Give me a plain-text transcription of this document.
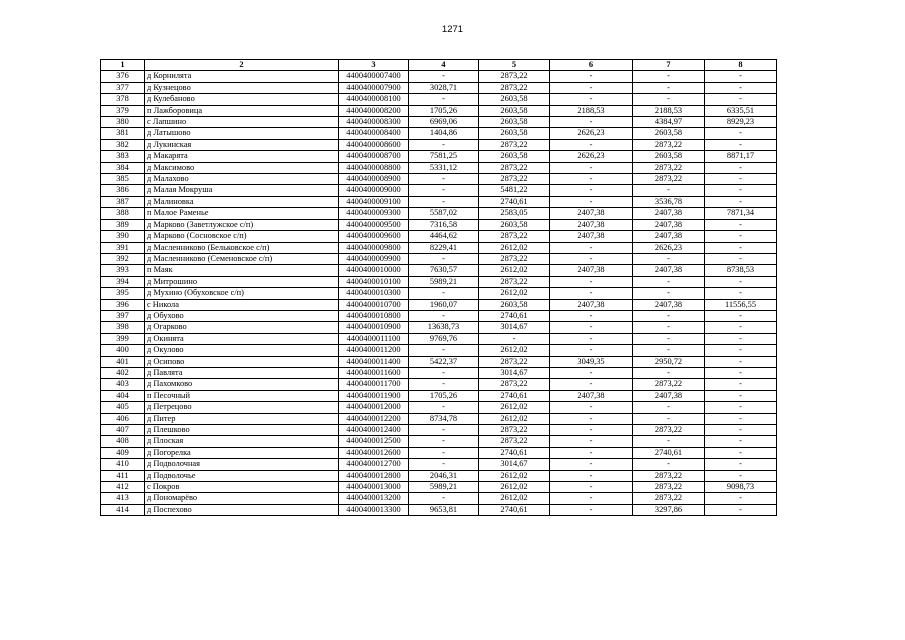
1271
1	2	3	4	5	6	7	8
376	д Корнилята	4400400007400	-	2873,22	-	-	-
377	д Кузнецово	4400400007900	3028,71	2873,22	-	-	-
378	д Кулебаново	4400400008100	-	2603,58	-	-	-
379	п Лажборовица	4400400008200	1705,26	2603,58	2188,53	2188,53	6335,51
380	с Лапшино	4400400008300	6969,06	2603,58	-	4384,97	8929,23
381	д Латышово	4400400008400	1404,86	2603,58	2626,23	2603,58	-
382	д Лукинская	4400400008600	-	2873,22	-	2873,22	-
383	д Макарята	4400400008700	7581,25	2603,58	2626,23	2603,58	8871,17
384	д Максимово	4400400008800	5331,12	2873,22	-	2873,22	-
385	д Малахово	4400400008900	-	2873,22	-	2873,22	-
386	д Малая Мокруша	4400400009000	-	5481,22	-	-	-
387	д Малиновка	4400400009100	-	2740,61	-	3536,78	-
388	п Малое Раменье	4400400009300	5587,02	2583,05	2407,38	2407,38	7871,34
389	д Марково (Заветлужское с/п)	4400400009500	7316,58	2603,58	2407,38	2407,38	-
390	д Марково (Сосновское с/п)	4400400009600	4464,62	2873,22	2407,38	2407,38	-
391	д Масленниково (Бельковское с/п)	4400400009800	8229,41	2612,02	-	2626,23	-
392	д Масленниково (Семеновское с/п)	4400400009900	-	2873,22	-	-	-
393	п Маяк	4400400010000	7630,57	2612,02	2407,38	2407,38	8738,53
394	д Митрошино	4400400010100	5989,21	2873,22	-	-	-
395	д Мухино (Обуховское с/п)	4400400010300	-	2612,02	-	-	-
396	с Никола	4400400010700	1960,07	2603,58	2407,38	2407,38	11556,55
397	д Обухово	4400400010800	-	2740,61	-	-	-
398	д Огарково	4400400010900	13638,73	3014,67	-	-	-
399	д Окинята	4400400011100	9769,76	-	-	-	-
400	д Окулово	4400400011200	-	2612,02	-	-	-
401	д Осипово	4400400011400	5422,37	2873,22	3049,35	2950,72	-
402	д Павлята	4400400011600	-	3014,67	-	-	-
403	д Пахомково	4400400011700	-	2873,22	-	2873,22	-
404	п Песочный	4400400011900	1705,26	2740,61	2407,38	2407,38	-
405	д Петрецово	4400400012000	-	2612,02	-	-	-
406	д Питер	4400400012200	8734,78	2612,02	-	-	-
407	д Плешково	4400400012400	-	2873,22	-	2873,22	-
408	д Плоская	4400400012500	-	2873,22	-	-	-
409	д Погорелка	4400400012600	-	2740,61	-	2740,61	-
410	д Подволочная	4400400012700	-	3014,67	-	-	-
411	д Подволочье	4400400012800	2046,31	2612,02	-	2873,22	-
412	с Покров	4400400013000	5989,21	2612,02	-	2873,22	9098,73
413	д Пономарёво	4400400013200	-	2612,02	-	2873,22	-
414	д Поспехово	4400400013300	9653,81	2740,61	-	3297,86	-
